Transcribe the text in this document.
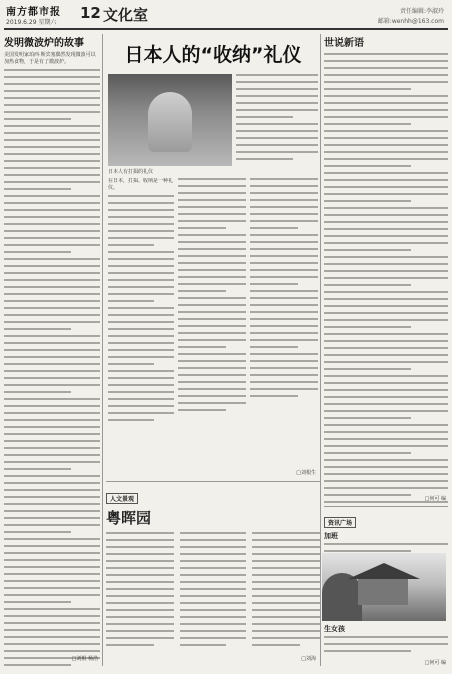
南方都市报
2019.6.29 星期六
12 文化室	责任编辑:李淑玲
邮箱:wenhh@163.com
发明微波炉的故事
美国发明家珀西·斯宾塞偶然发现微波可以加热食物，于是有了微波炉。
□刘根 杨浩
日本人的“收纳”礼仪
日本人有打揖的礼仪
在日本，打揖、收纳是一种礼仪。
□刘根生
人文景观
粤晖园
□刘海
世说新语
□何可 编
资讯广场
加班
生女孩
□何可 编
